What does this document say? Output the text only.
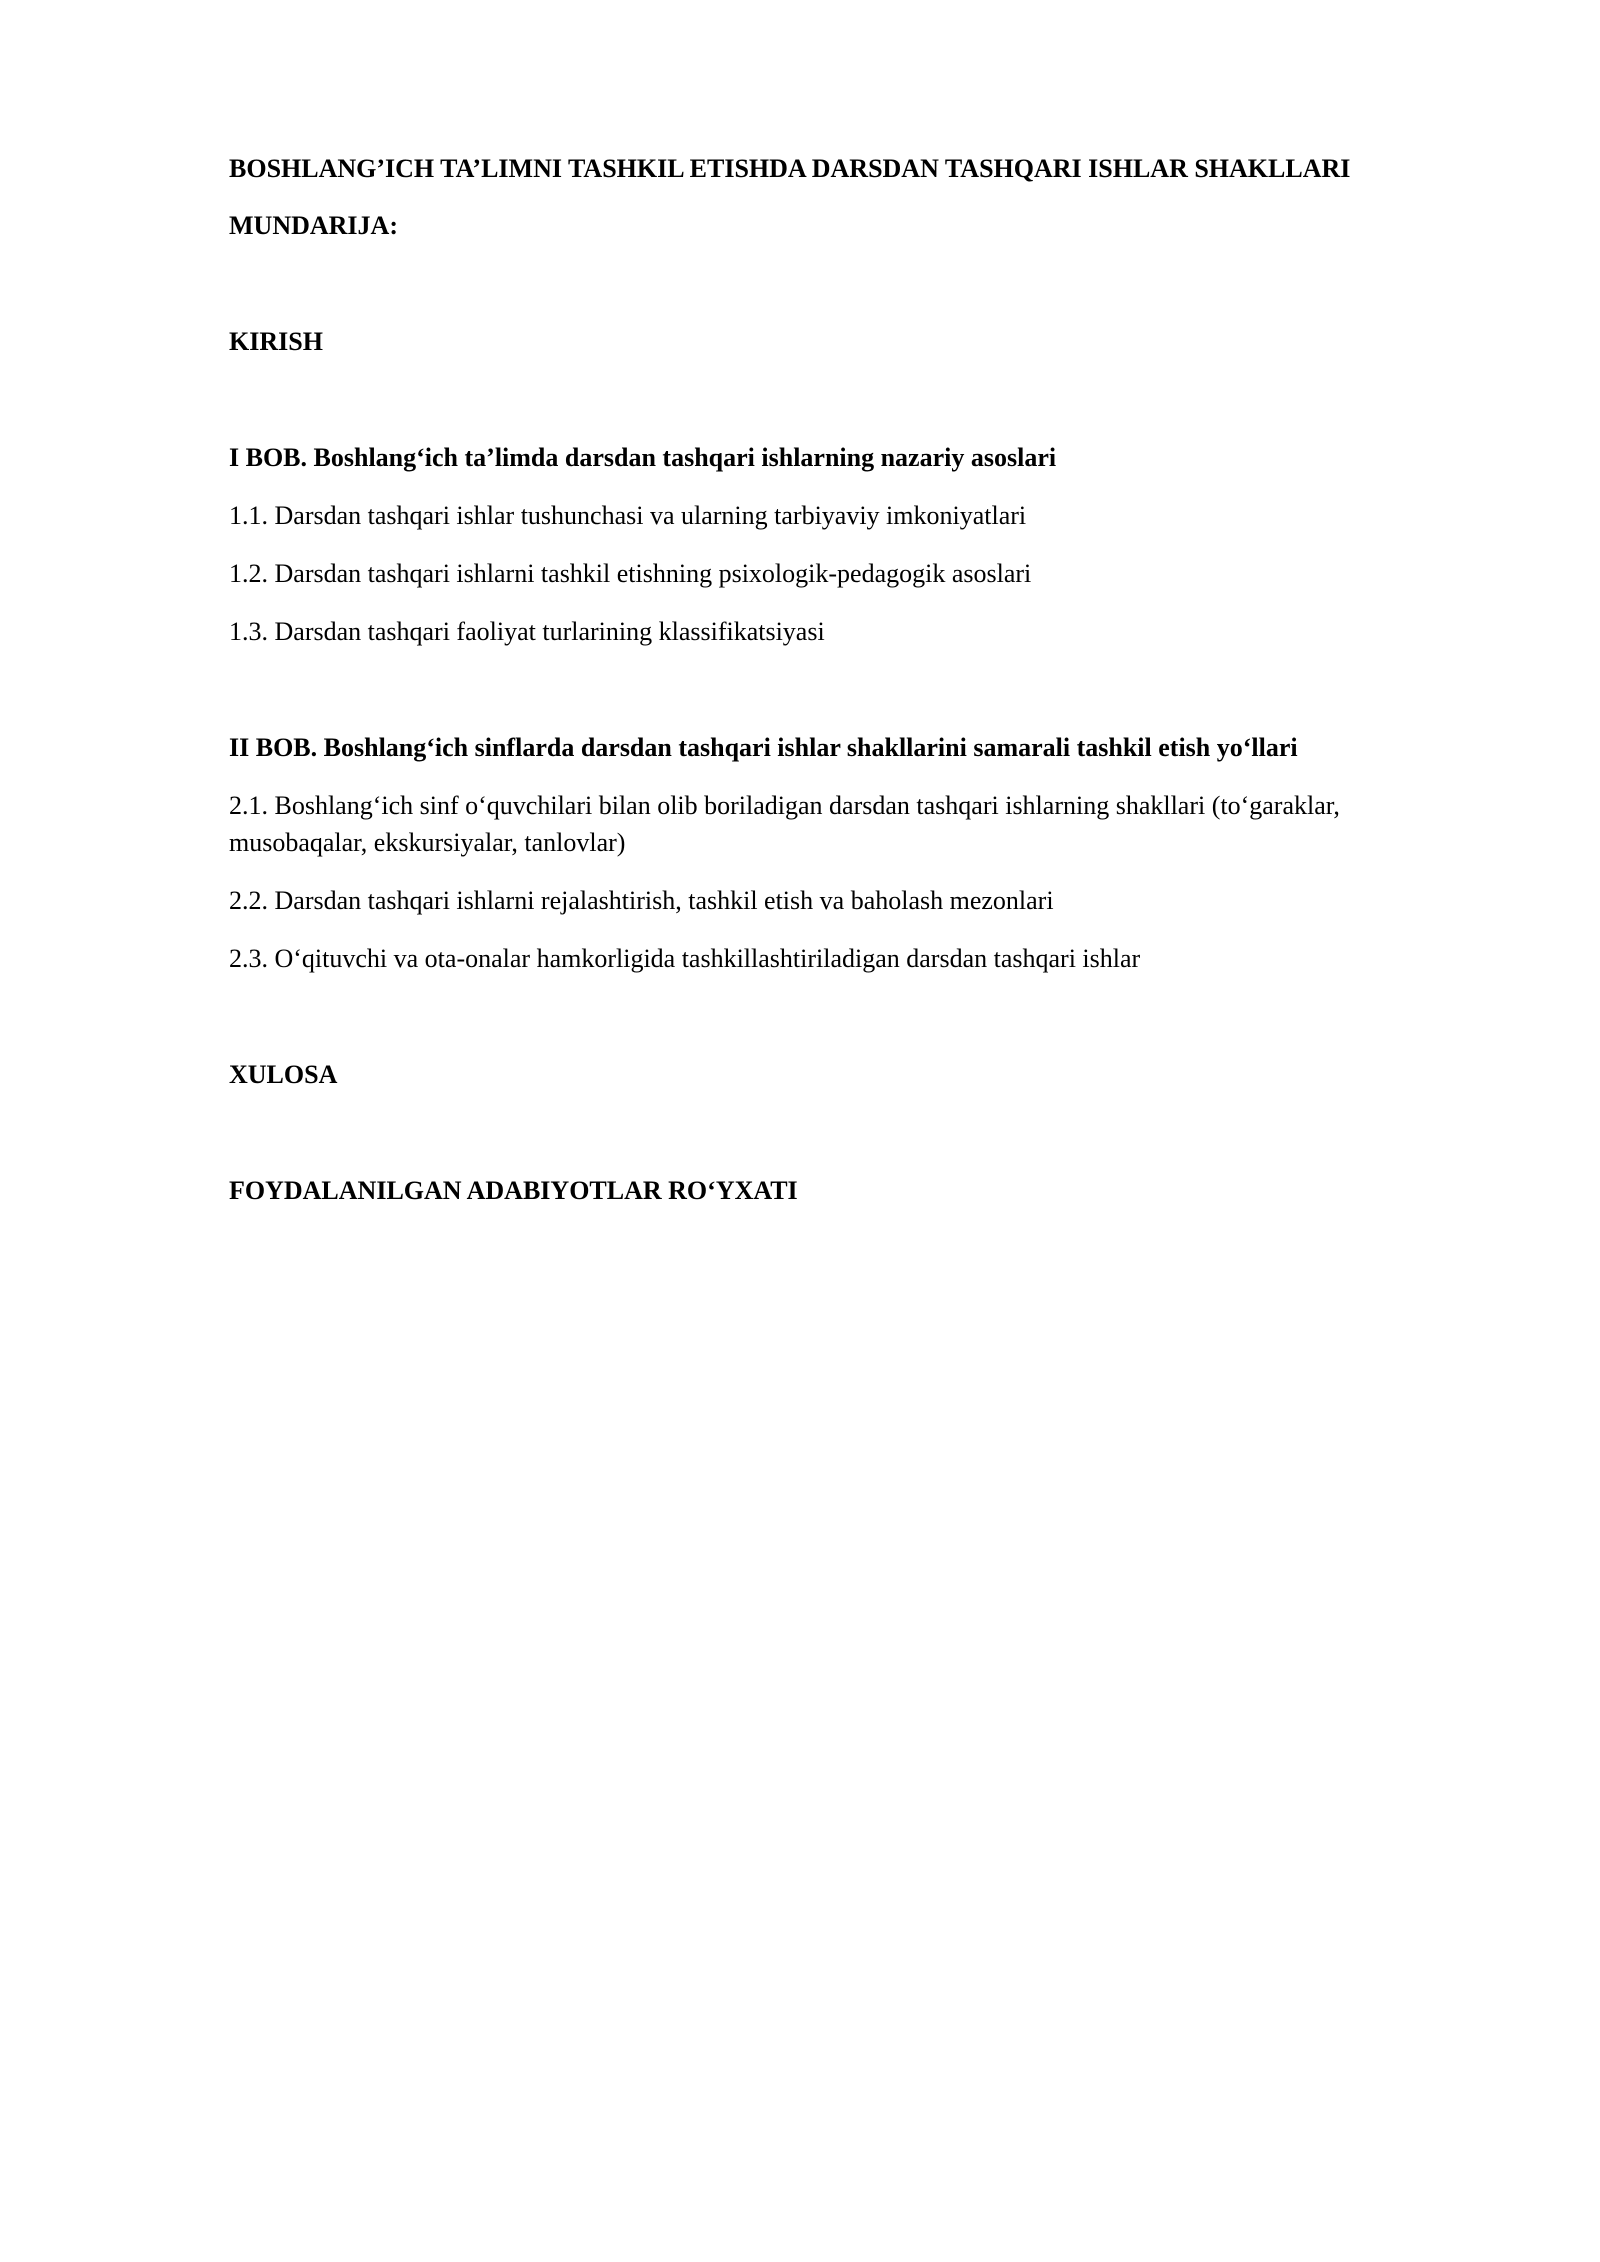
BOSHLANG’ICH TA’LIMNI TASHKIL ETISHDA DARSDAN TASHQARI ISHLAR SHAKLLARI

MUNDARIJA:

KIRISH

I BOB. Boshlang‘ich ta’limda darsdan tashqari ishlarning nazariy asoslari

1.1. Darsdan tashqari ishlar tushunchasi va ularning tarbiyaviy imkoniyatlari

1.2. Darsdan tashqari ishlarni tashkil etishning psixologik-pedagogik asoslari

1.3. Darsdan tashqari faoliyat turlarining klassifikatsiyasi

II BOB. Boshlang‘ich sinflarda darsdan tashqari ishlar shakllarini samarali tashkil etish yo‘llari

2.1. Boshlang‘ich sinf o‘quvchilari bilan olib boriladigan darsdan tashqari ishlarning shakllari (to‘garaklar, musobaqalar, ekskursiyalar, tanlovlar)

2.2. Darsdan tashqari ishlarni rejalashtirish, tashkil etish va baholash mezonlari

2.3. O‘qituvchi va ota-onalar hamkorligida tashkillashtiriladigan darsdan tashqari ishlar

XULOSA

FOYDALANILGAN ADABIYOTLAR RO‘YXATI
